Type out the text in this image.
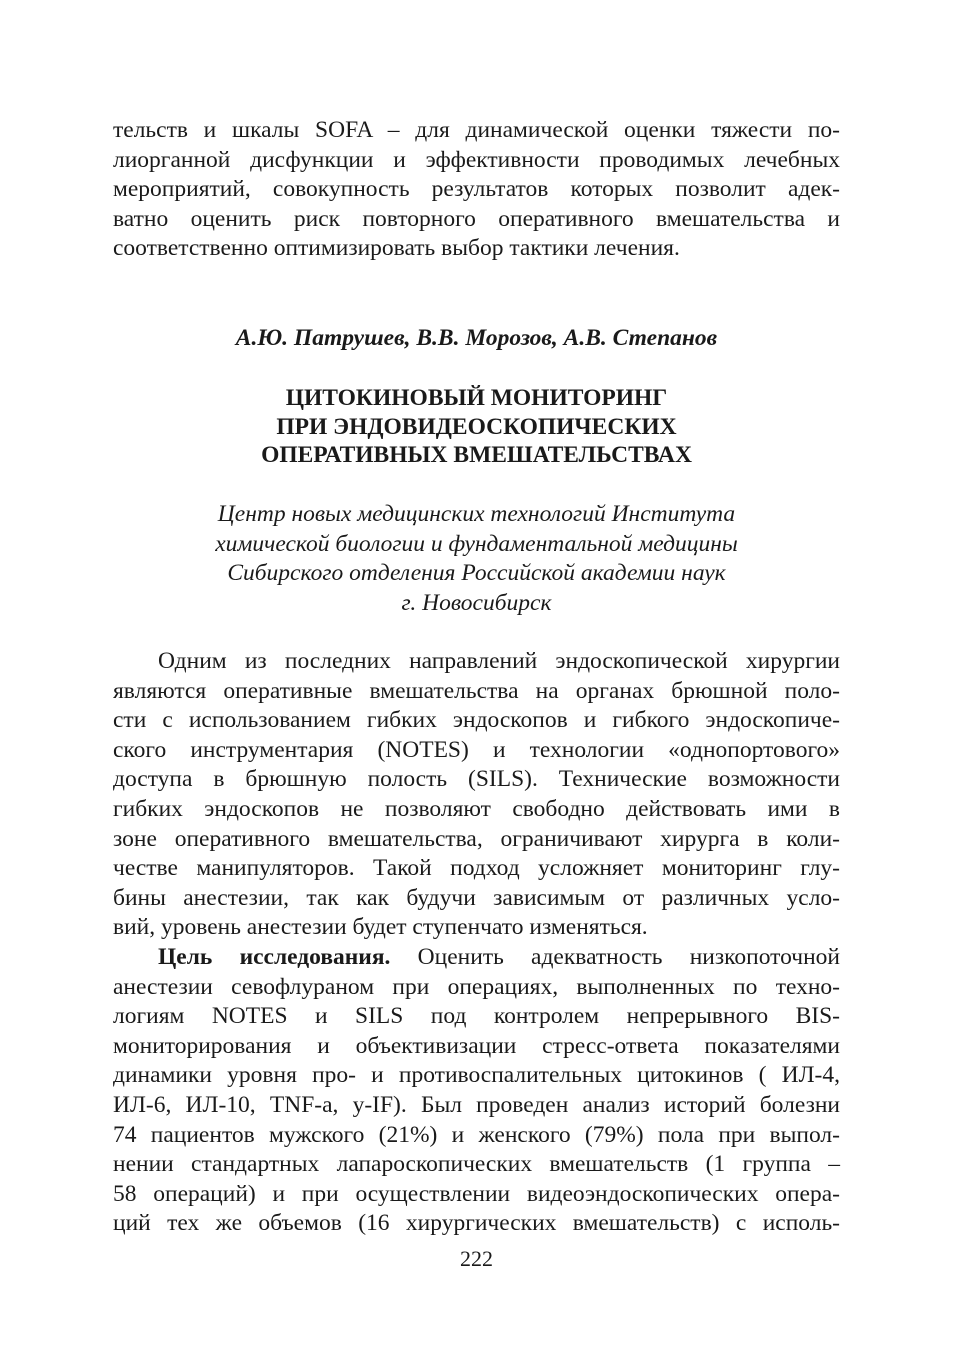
тельств и шкалы SOFA – для динамической оценки тяжести по-
лиорганной дисфункции и эффективности проводимых лечебных
мероприятий, совокупность результатов которых позволит адек-
ватно оценить риск повторного оперативного вмешательства и
соответственно оптимизировать выбор тактики лечения.
А.Ю. Патрушев, В.В. Морозов, А.В. Степанов
ЦИТОКИНОВЫЙ МОНИТОРИНГ
ПРИ ЭНДОВИДЕОСКОПИЧЕСКИХ
ОПЕРАТИВНЫХ ВМЕШАТЕЛЬСТВАХ
Центр новых медицинских технологий Института
химической биологии и фундаментальной медицины
Сибирского отделения Российской академии наук
г. Новосибирск
Одним из последних направлений эндоскопической хирургии
являются оперативные вмешательства на органах брюшной поло-
сти с использованием гибких эндоскопов и гибкого эндоскопиче-
ского инструментария (NOTES) и технологии «однопортового»
доступа в брюшную полость (SILS). Технические возможности
гибких эндоскопов не позволяют свободно действовать ими в
зоне оперативного вмешательства, ограничивают хирурга в коли-
честве манипуляторов. Такой подход усложняет мониторинг глу-
бины анестезии, так как будучи зависимым от различных усло-
вий, уровень анестезии будет ступенчато изменяться.
Цель исследования. Оценить адекватность низкопоточной
анестезии севофлураном при операциях, выполненных по техно-
логиям NOTES и SILS под контролем непрерывного BIS-
мониторирования и объективизации стресс-ответа показателями
динамики уровня про- и противоспалительных цитокинов ( ИЛ-4,
ИЛ-6, ИЛ-10, TNF-a, y-IF). Был проведен анализ историй болезни
74 пациентов мужского (21%) и женского (79%) пола при выпол-
нении стандартных лапароскопических вмешательств (1 группа –
58 операций) и при осуществлении видеоэндоскопических опера-
ций тех же объемов (16 хирургических вмешательств) с исполь-
222
